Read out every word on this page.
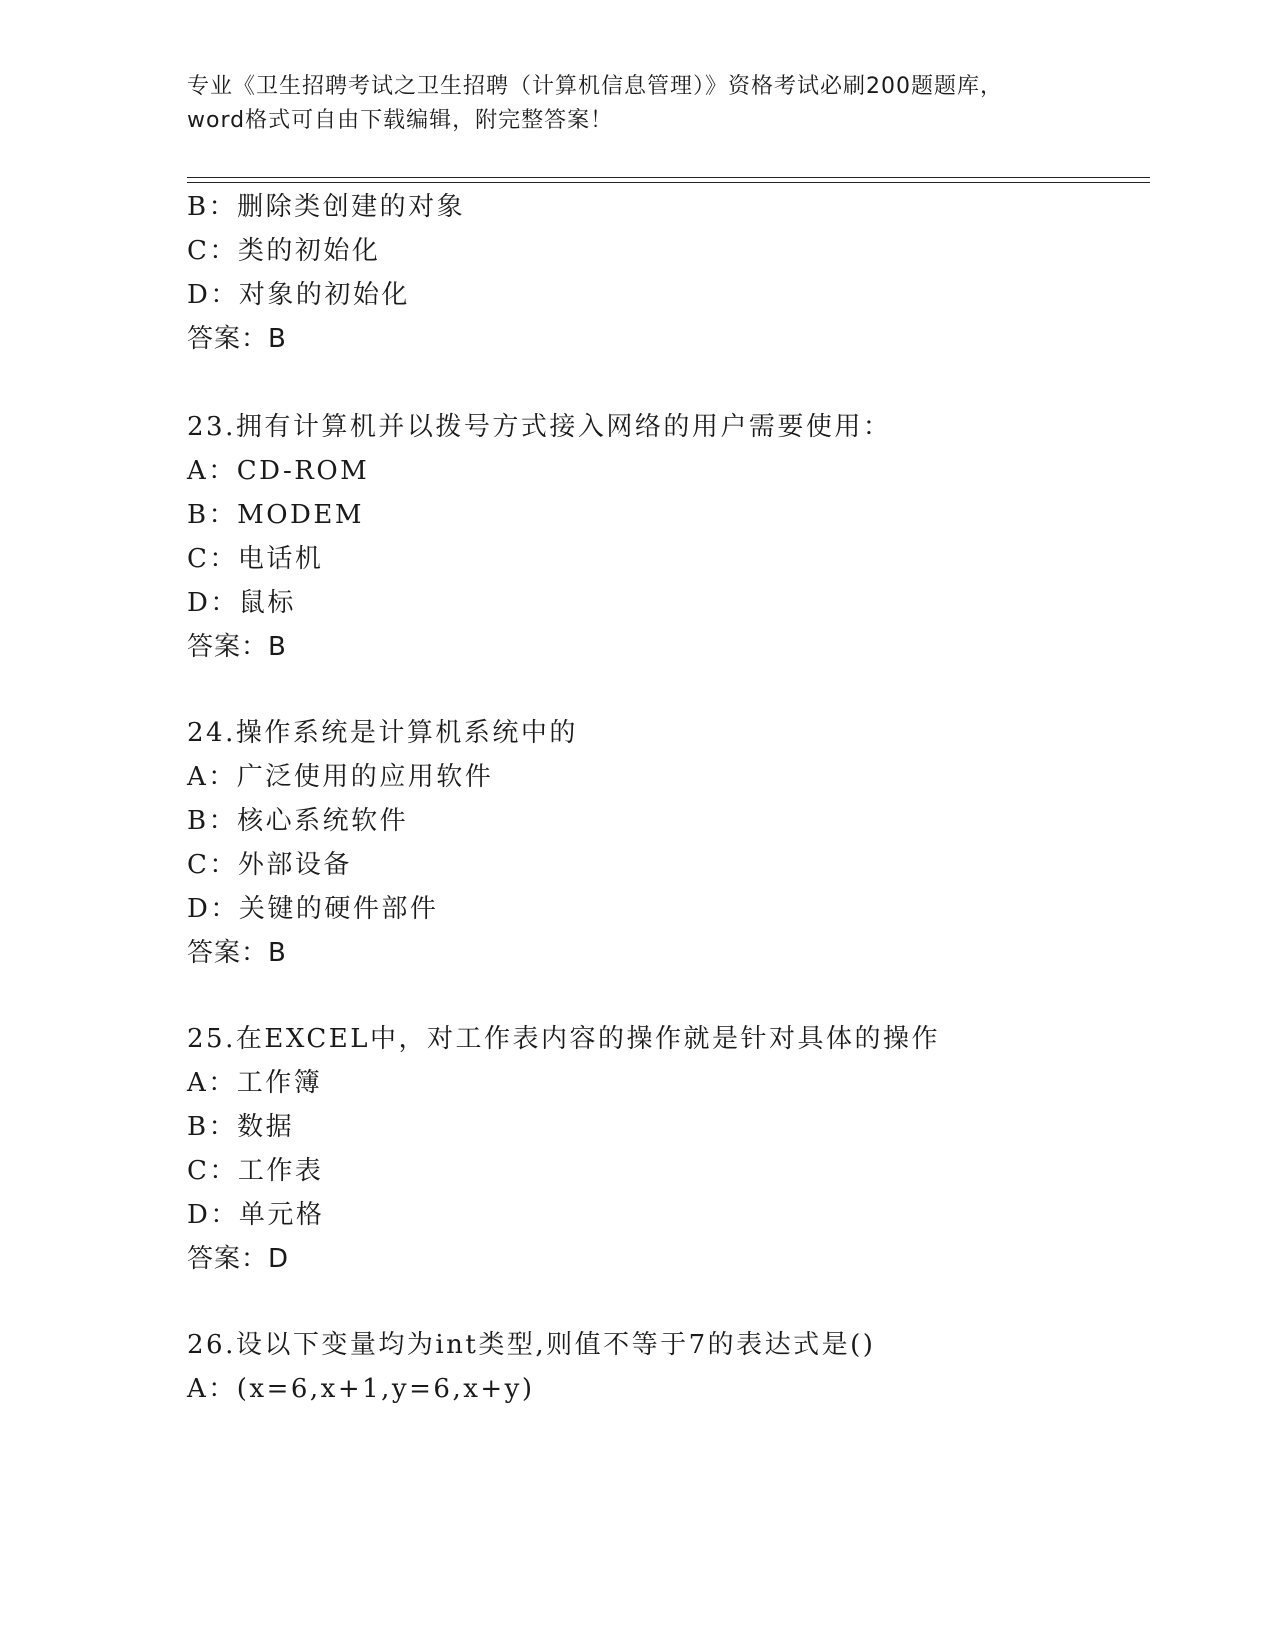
专业《卫生招聘考试之卫生招聘（计算机信息管理）》资格考试必刷200题题库，
word格式可自由下载编辑，附完整答案！
B：删除类创建的对象
C：类的初始化
D：对象的初始化
答案：B
23.拥有计算机并以拨号方式接入网络的用户需要使用：
A：CD-ROM
B：MODEM
C：电话机
D：鼠标
答案：B
24.操作系统是计算机系统中的
A：广泛使用的应用软件
B：核心系统软件
C：外部设备
D：关键的硬件部件
答案：B
25.在EXCEL中，对工作表内容的操作就是针对具体的操作
A：工作簿
B：数据
C：工作表
D：单元格
答案：D
26.设以下变量均为int类型,则值不等于7的表达式是()
A：(x=6,x+1,y=6,x+y)
